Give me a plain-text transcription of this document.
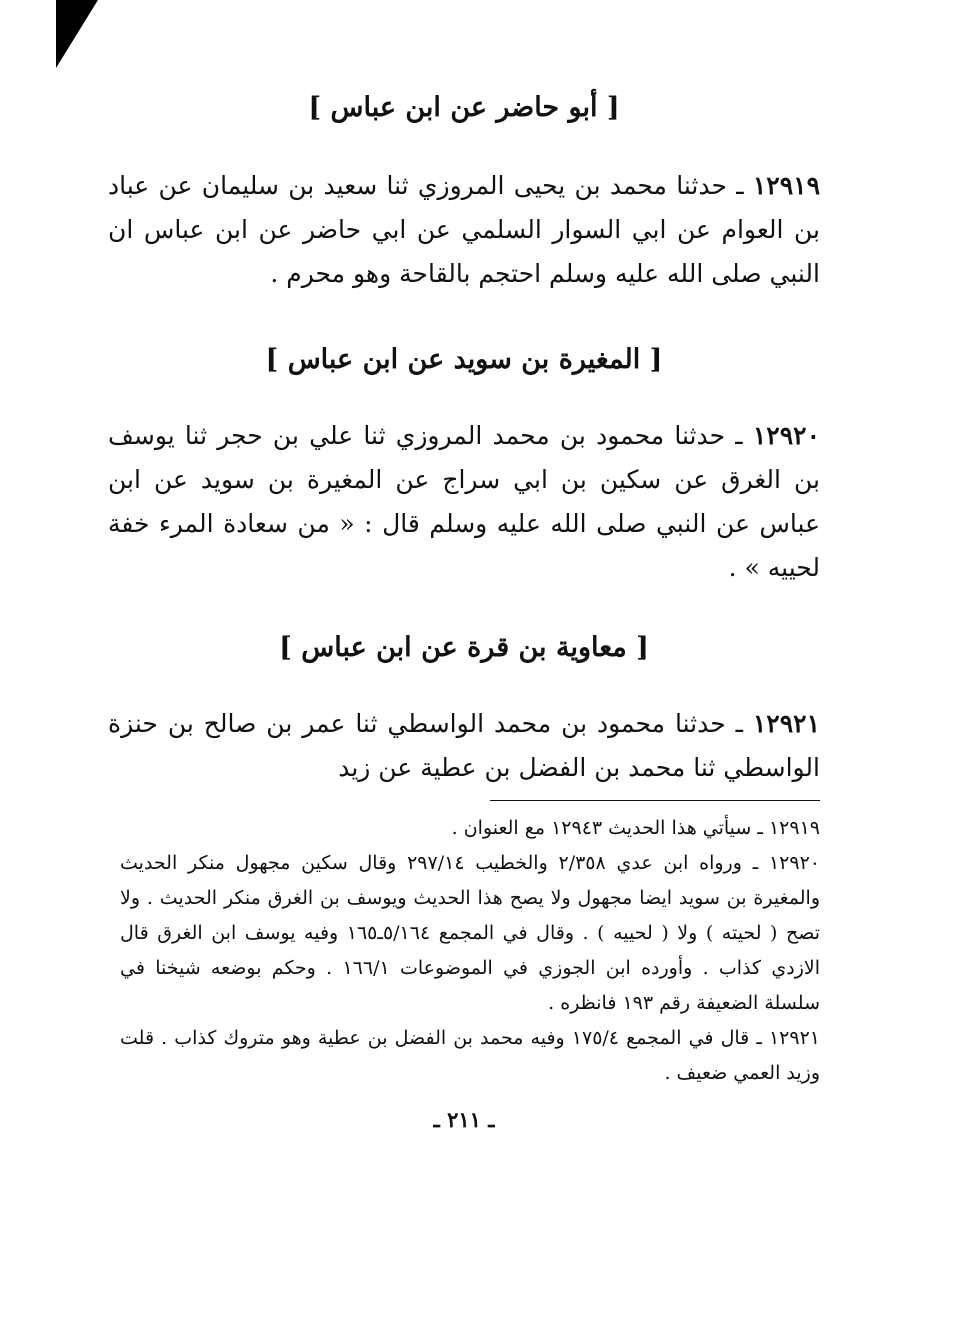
[ أبو حاضر عن ابن عباس ]

١٢٩١٩ ـ حدثنا محمد بن يحيى المروزي ثنا سعيد بن سليمان عن عباد بن العوام عن ابي السوار السلمي عن ابي حاضر عن ابن عباس ان النبي صلى الله عليه وسلم احتجم بالقاحة وهو محرم .

[ المغيرة بن سويد عن ابن عباس ]

١٢٩٢٠ ـ حدثنا محمود بن محمد المروزي ثنا علي بن حجر ثنا يوسف بن الغرق عن سكين بن ابي سراج عن المغيرة بن سويد عن ابن عباس عن النبي صلى الله عليه وسلم قال : « من سعادة المرء خفة لحييه » .

[ معاوية بن قرة عن ابن عباس ]

١٢٩٢١ ـ حدثنا محمود بن محمد الواسطي ثنا عمر بن صالح بن حنزة الواسطي ثنا محمد بن الفضل بن عطية عن زيد

١٢٩١٩ ـ سيأتي هذا الحديث ١٢٩٤٣ مع العنوان .

١٢٩٢٠ ـ ورواه ابن عدي ٢/٣٥٨ والخطيب ٢٩٧/١٤ وقال سكين مجهول منكر الحديث والمغيرة بن سويد ايضا مجهول ولا يصح هذا الحديث ويوسف بن الغرق منكر الحديث . ولا تصح ( لحيته ) ولا ( لحييه ) . وقال في المجمع ٥/١٦٤ـ١٦٥ وفيه يوسف ابن الغرق قال الازدي كذاب . وأورده ابن الجوزي في الموضوعات ١٦٦/١ . وحكم بوضعه شيخنا في سلسلة الضعيفة رقم ١٩٣ فانظره .

١٢٩٢١ ـ قال في المجمع ١٧٥/٤ وفيه محمد بن الفضل بن عطية وهو متروك كذاب . قلت وزيد العمي ضعيف .

ـ ٢١١ ـ
